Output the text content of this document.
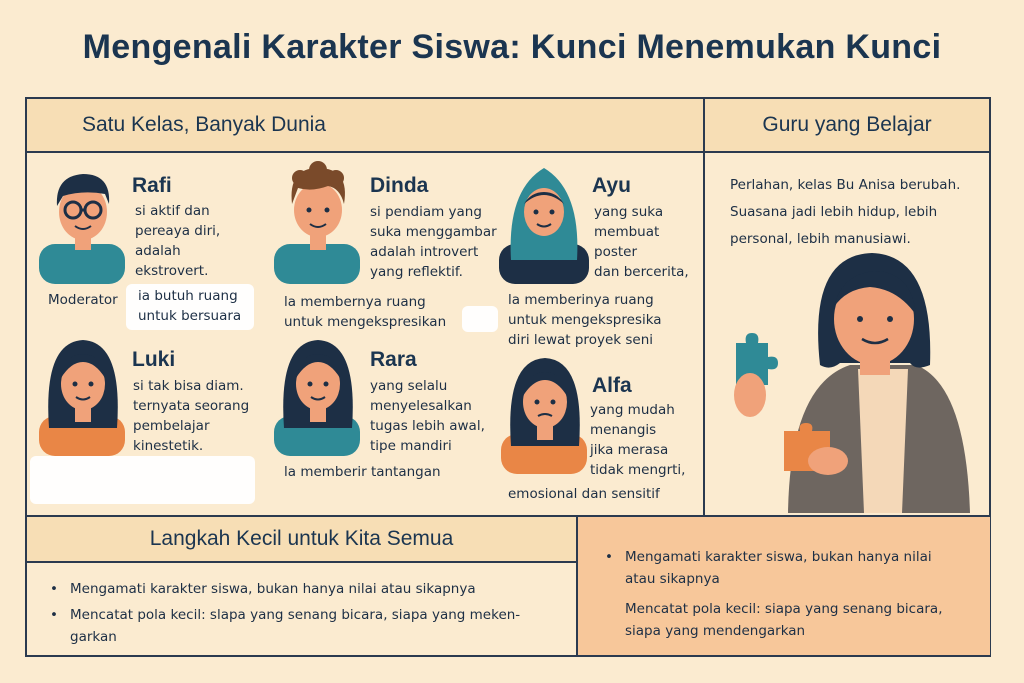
Mengenali Karakter Siswa: Kunci Menemukan Kunci
Satu Kelas, Banyak Dunia	Guru yang Belajar
Langkah Kecil untuk Kita Semua
Rafi	Dinda	Ayu
Luki	Rara
Alfa
si aktif dan
pereaya diri,
adalah
ekstrovert.
si pendiam yang
suka menggambar
adalah introvert
yang reflektif.
yang suka
membuat
poster
dan bercerita,
si tak bisa diam.
ternyata seorang
pembelajar
kinestetik.
yang selalu
menyelesalkan
tugas lebih awal,
tipe mandiri
yang mudah
menangis
jika merasa
tidak mengrti,
Moderator ia butuh ruang
untuk bersuara
la membernya ruang
untuk mengekspresikan
la memberinya ruang
untuk mengekspresika
diri lewat proyek seni
la memberir tantangan
emosional dan sensitif
Perlahan, kelas Bu Anisa berubah.
Suasana jadi lebih hidup, lebih
personal, lebih manusiawi.
• Mengamati karakter siswa, bukan hanya nilai atau sikapnya
• Mencatat pola kecil: slapa yang senang bicara, siapa yang meken-
garkan
• Mengamati karakter siswa, bukan hanya nilai
atau sikapnya
Mencatat pola kecil: siapa yang senang bicara,
siapa yang mendengarkan
